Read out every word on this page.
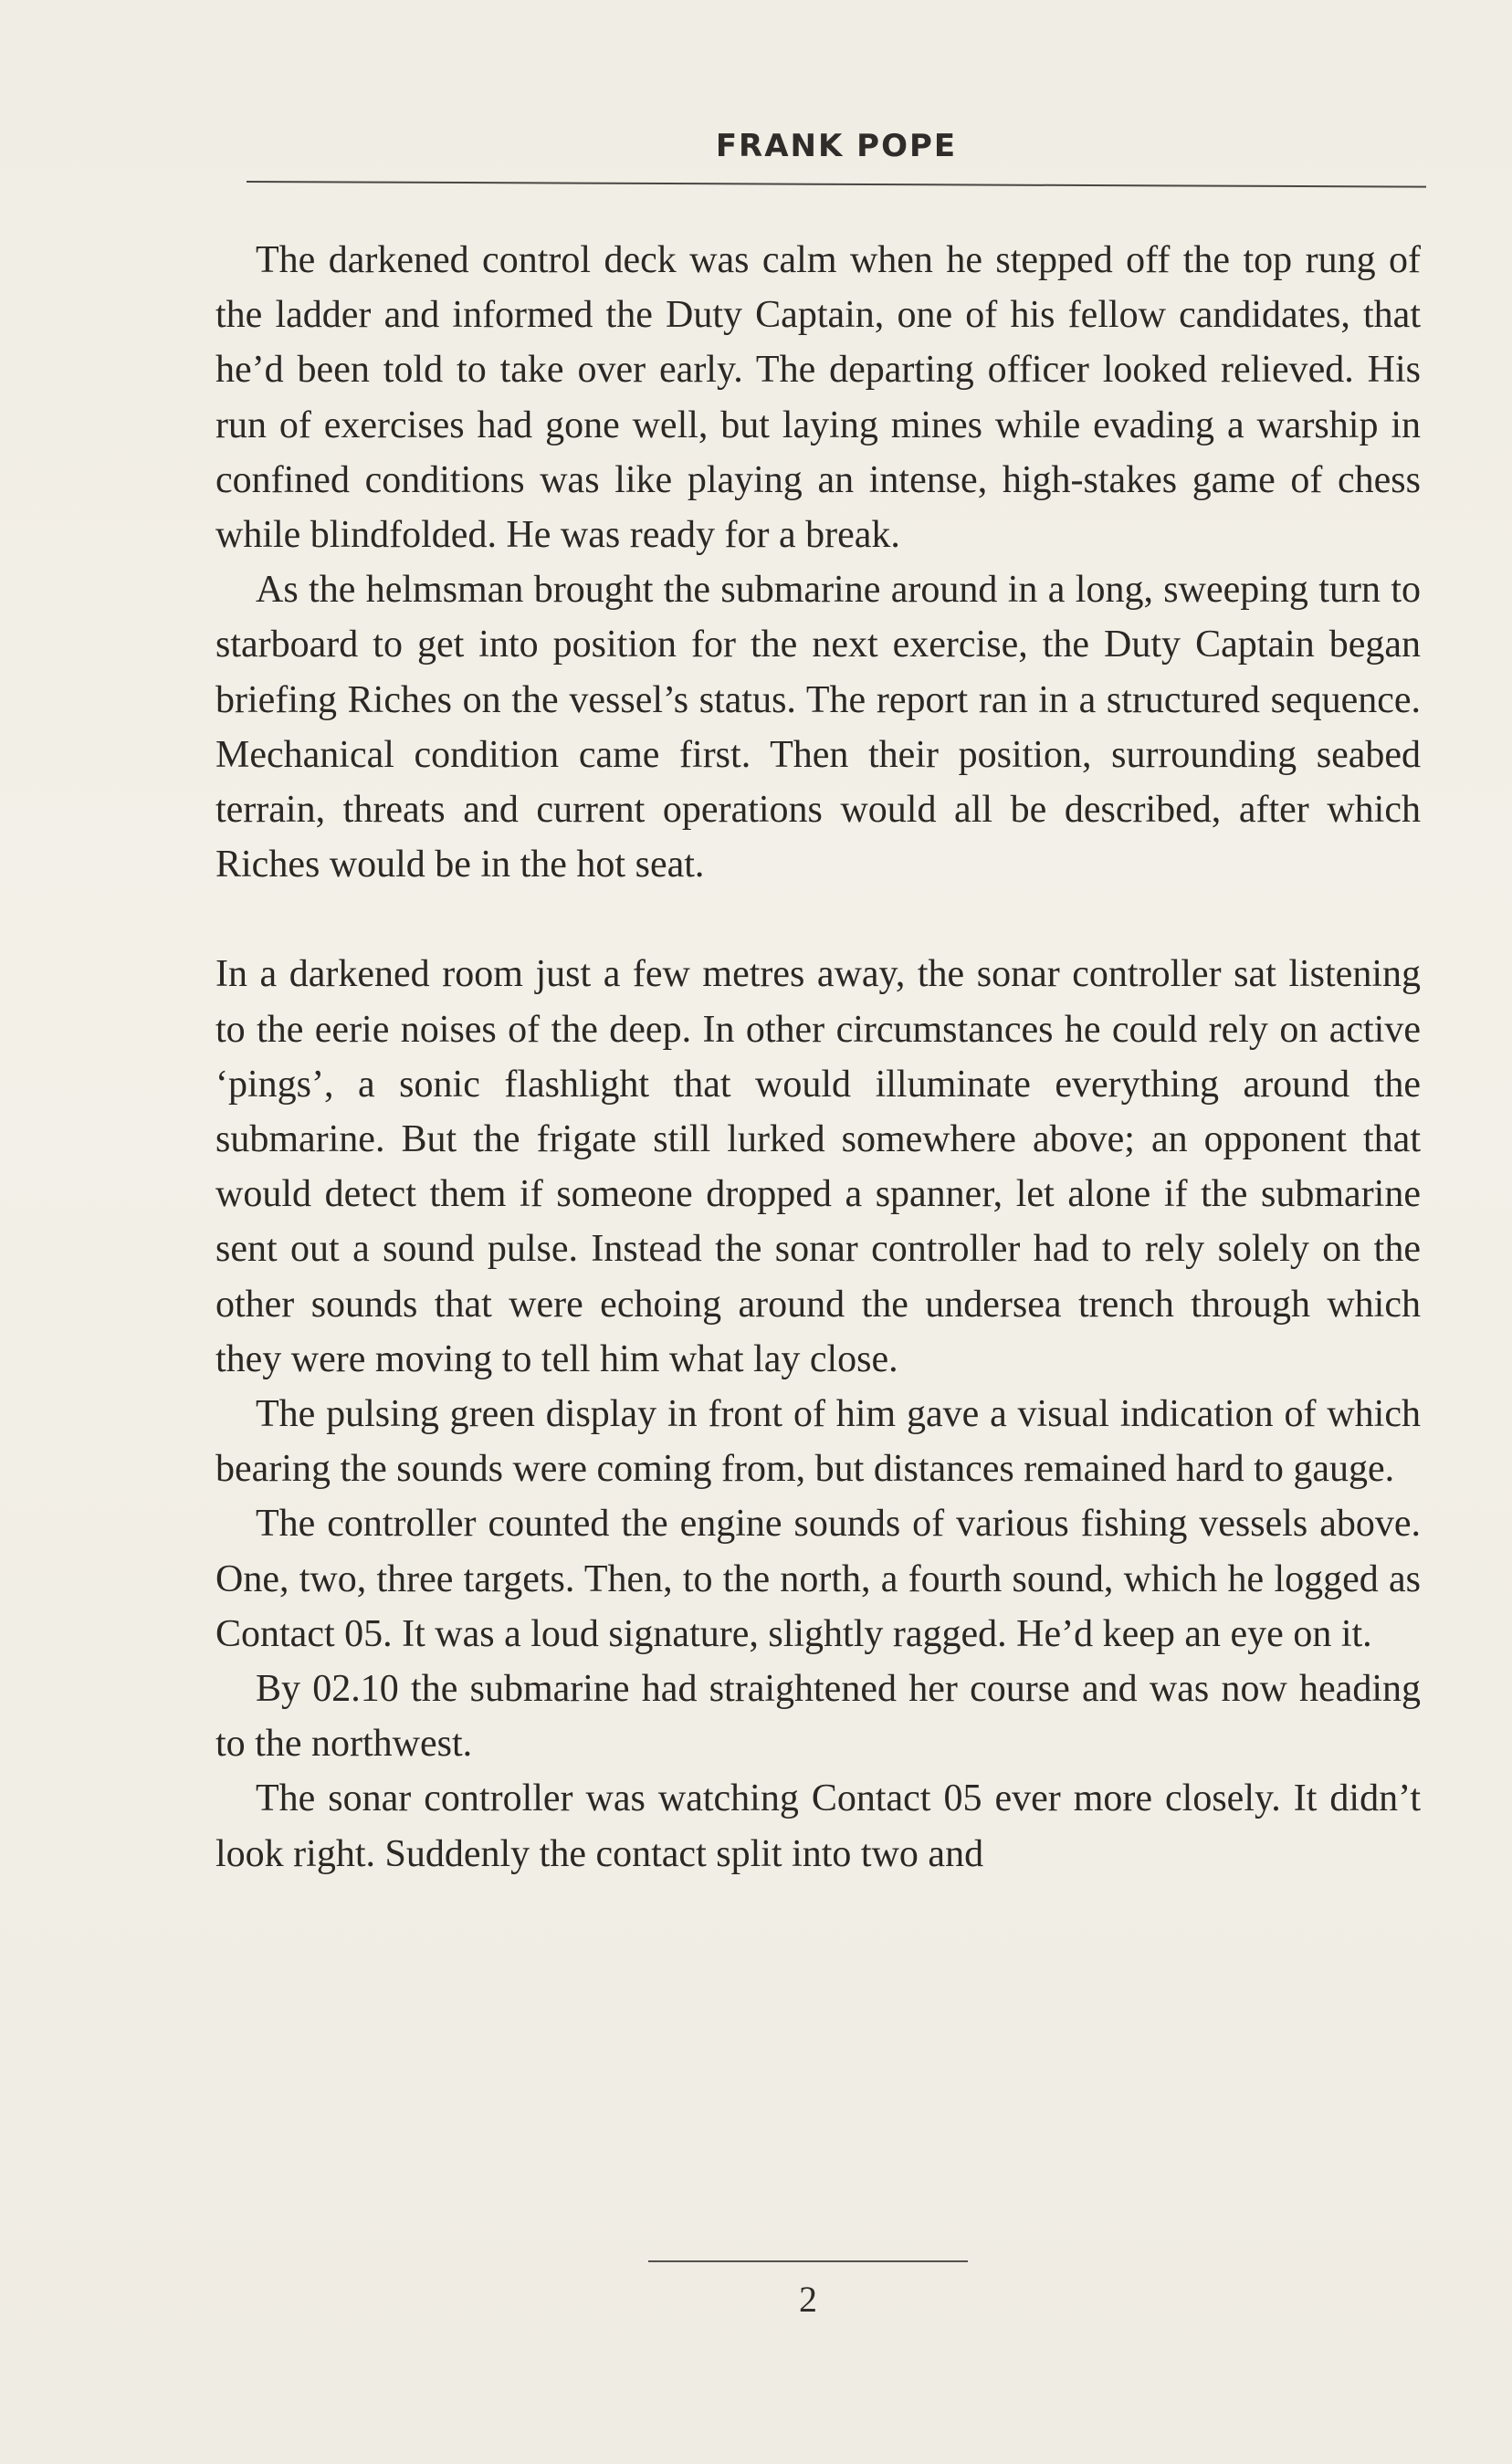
FRANK POPE

The darkened control deck was calm when he stepped off the top rung of the ladder and informed the Duty Captain, one of his fellow candidates, that he’d been told to take over early. The departing officer looked relieved. His run of exercises had gone well, but laying mines while evading a warship in confined conditions was like playing an intense, high-stakes game of chess while blindfolded. He was ready for a break.

As the helmsman brought the submarine around in a long, sweeping turn to starboard to get into position for the next exercise, the Duty Captain began briefing Riches on the vessel’s status. The report ran in a structured sequence. Mechanical condition came first. Then their position, surrounding seabed terrain, threats and current operations would all be described, after which Riches would be in the hot seat.

In a darkened room just a few metres away, the sonar controller sat listening to the eerie noises of the deep. In other circumstances he could rely on active ‘pings’, a sonic flashlight that would illuminate everything around the submarine. But the frigate still lurked somewhere above; an opponent that would detect them if someone dropped a spanner, let alone if the submarine sent out a sound pulse. Instead the sonar controller had to rely solely on the other sounds that were echoing around the undersea trench through which they were moving to tell him what lay close.

The pulsing green display in front of him gave a visual indication of which bearing the sounds were coming from, but distances remained hard to gauge.

The controller counted the engine sounds of various fishing vessels above. One, two, three targets. Then, to the north, a fourth sound, which he logged as Contact 05. It was a loud signature, slightly ragged. He’d keep an eye on it.

By 02.10 the submarine had straightened her course and was now heading to the northwest.

The sonar controller was watching Contact 05 ever more closely. It didn’t look right. Suddenly the contact split into two and

2
